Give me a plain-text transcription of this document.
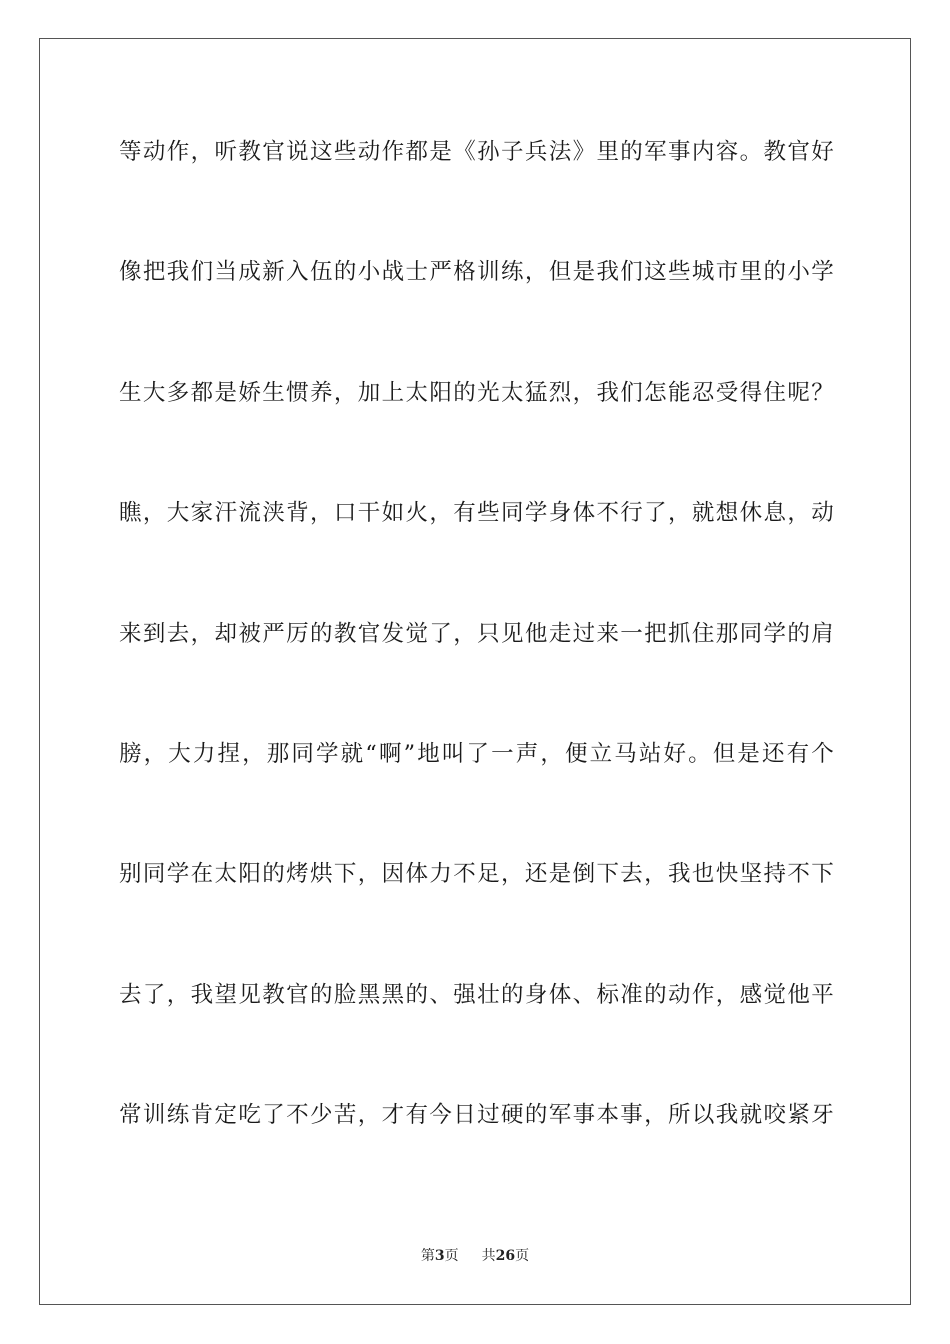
等动作，听教官说这些动作都是《孙子兵法》里的军事内容。教官好
像把我们当成新入伍的小战士严格训练，但是我们这些城市里的小学
生大多都是娇生惯养，加上太阳的光太猛烈，我们怎能忍受得住呢？
瞧，大家汗流浃背，口干如火，有些同学身体不行了，就想休息，动
来到去，却被严厉的教官发觉了，只见他走过来一把抓住那同学的肩
膀，大力捏，那同学就“啊”地叫了一声，便立马站好。但是还有个
别同学在太阳的烤烘下，因体力不足，还是倒下去，我也快坚持不下
去了，我望见教官的脸黑黑的、强壮的身体、标准的动作，感觉他平
常训练肯定吃了不少苦，才有今日过硬的军事本事，所以我就咬紧牙
第3页 共26页
